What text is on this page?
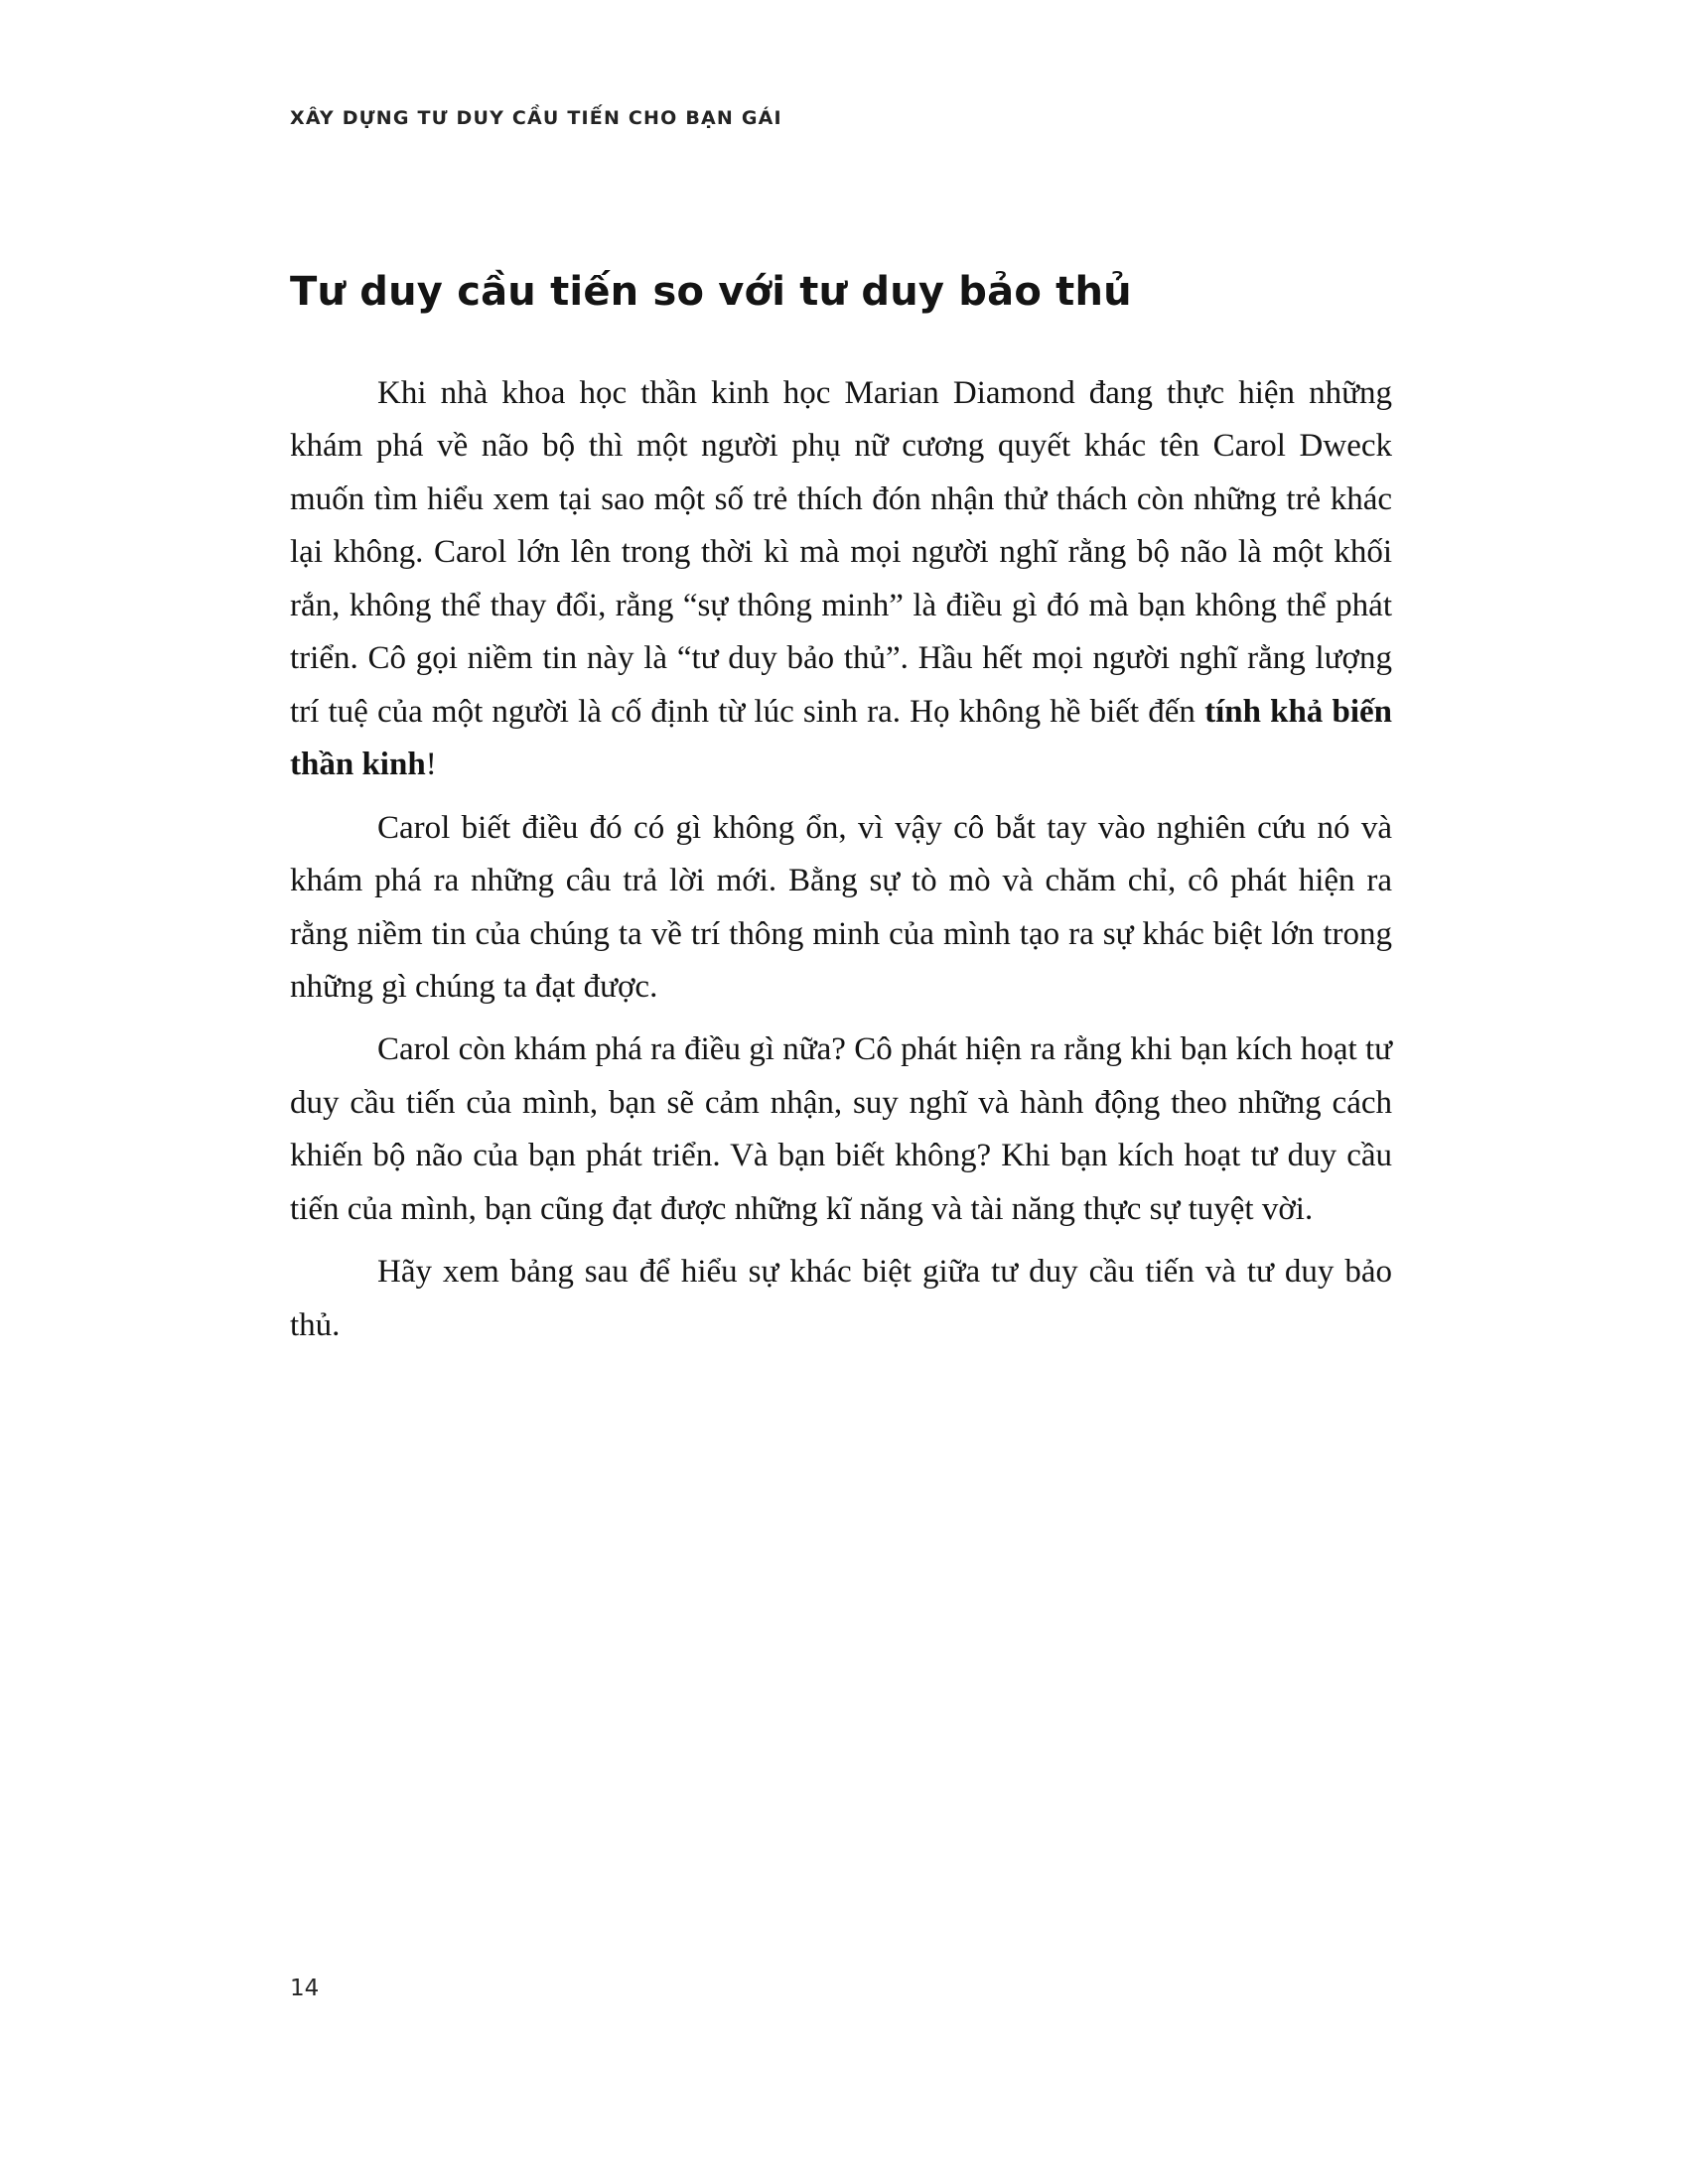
XÂY DỰNG TƯ DUY CẦU TIẾN CHO BẠN GÁI
Tư duy cầu tiến so với tư duy bảo thủ

Khi nhà khoa học thần kinh học Marian Diamond đang thực hiện những khám phá về não bộ thì một người phụ nữ cương quyết khác tên Carol Dweck muốn tìm hiểu xem tại sao một số trẻ thích đón nhận thử thách còn những trẻ khác lại không. Carol lớn lên trong thời kì mà mọi người nghĩ rằng bộ não là một khối rắn, không thể thay đổi, rằng “sự thông minh” là điều gì đó mà bạn không thể phát triển. Cô gọi niềm tin này là “tư duy bảo thủ”. Hầu hết mọi người nghĩ rằng lượng trí tuệ của một người là cố định từ lúc sinh ra. Họ không hề biết đến tính khả biến thần kinh!

Carol biết điều đó có gì không ổn, vì vậy cô bắt tay vào nghiên cứu nó và khám phá ra những câu trả lời mới. Bằng sự tò mò và chăm chỉ, cô phát hiện ra rằng niềm tin của chúng ta về trí thông minh của mình tạo ra sự khác biệt lớn trong những gì chúng ta đạt được.

Carol còn khám phá ra điều gì nữa? Cô phát hiện ra rằng khi bạn kích hoạt tư duy cầu tiến của mình, bạn sẽ cảm nhận, suy nghĩ và hành động theo những cách khiến bộ não của bạn phát triển. Và bạn biết không? Khi bạn kích hoạt tư duy cầu tiến của mình, bạn cũng đạt được những kĩ năng và tài năng thực sự tuyệt vời.

Hãy xem bảng sau để hiểu sự khác biệt giữa tư duy cầu tiến và tư duy bảo thủ.

14
